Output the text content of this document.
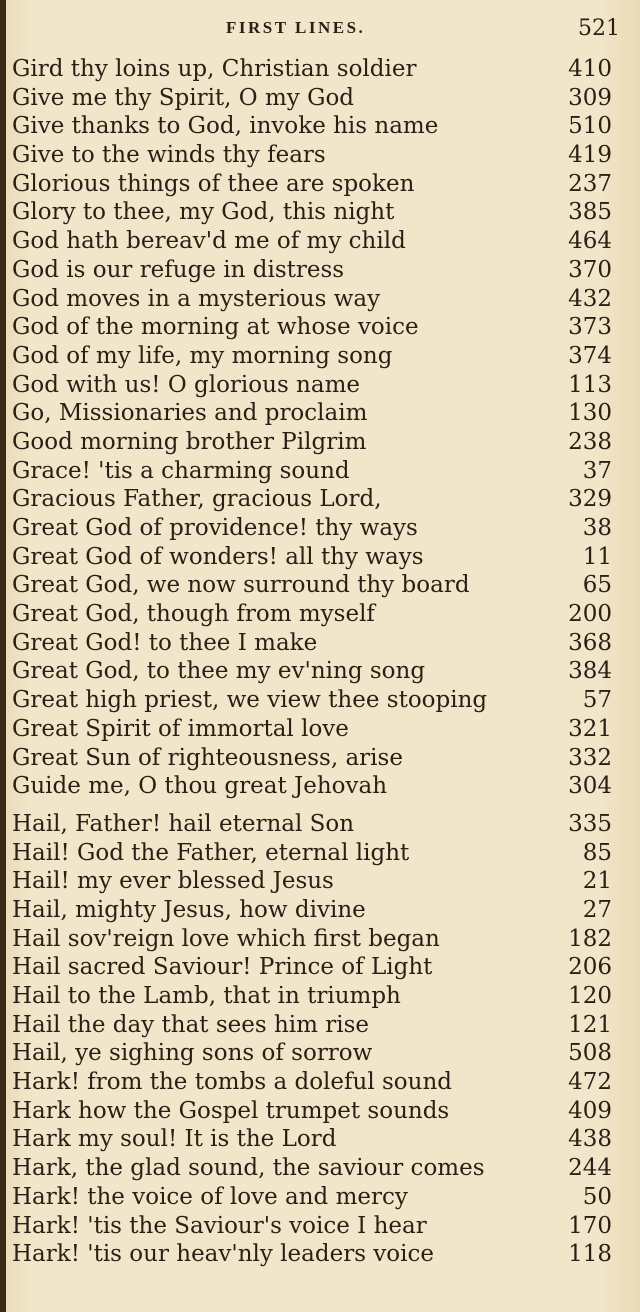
FIRST LINES.	521
Gird thy loins up, Christian soldier	410
Give me thy Spirit, O my God	309
Give thanks to God, invoke his name	510
Give to the winds thy fears	419
Glorious things of thee are spoken	237
Glory to thee, my God, this night	385
God hath bereav'd me of my child	464
God is our refuge in distress	370
God moves in a mysterious way	432
God of the morning at whose voice	373
God of my life, my morning song	374
God with us! O glorious name	113
Go, Missionaries and proclaim	130
Good morning brother Pilgrim	238
Grace! 'tis a charming sound	37
Gracious Father, gracious Lord,	329
Great God of providence! thy ways	38
Great God of wonders! all thy ways	11
Great God, we now surround thy board	65
Great God, though from myself	200
Great God! to thee I make	368
Great God, to thee my ev'ning song	384
Great high priest, we view thee stooping	57
Great Spirit of immortal love	321
Great Sun of righteousness, arise	332
Guide me, O thou great Jehovah	304
Hail, Father! hail eternal Son	335
Hail! God the Father, eternal light	85
Hail! my ever blessed Jesus	21
Hail, mighty Jesus, how divine	27
Hail sov'reign love which first began	182
Hail sacred Saviour! Prince of Light	206
Hail to the Lamb, that in triumph	120
Hail the day that sees him rise	121
Hail, ye sighing sons of sorrow	508
Hark! from the tombs a doleful sound	472
Hark how the Gospel trumpet sounds	409
Hark my soul! It is the Lord	438
Hark, the glad sound, the saviour comes	244
Hark! the voice of love and mercy	50
Hark! 'tis the Saviour's voice I hear	170
Hark! 'tis our heav'nly leaders voice	118
